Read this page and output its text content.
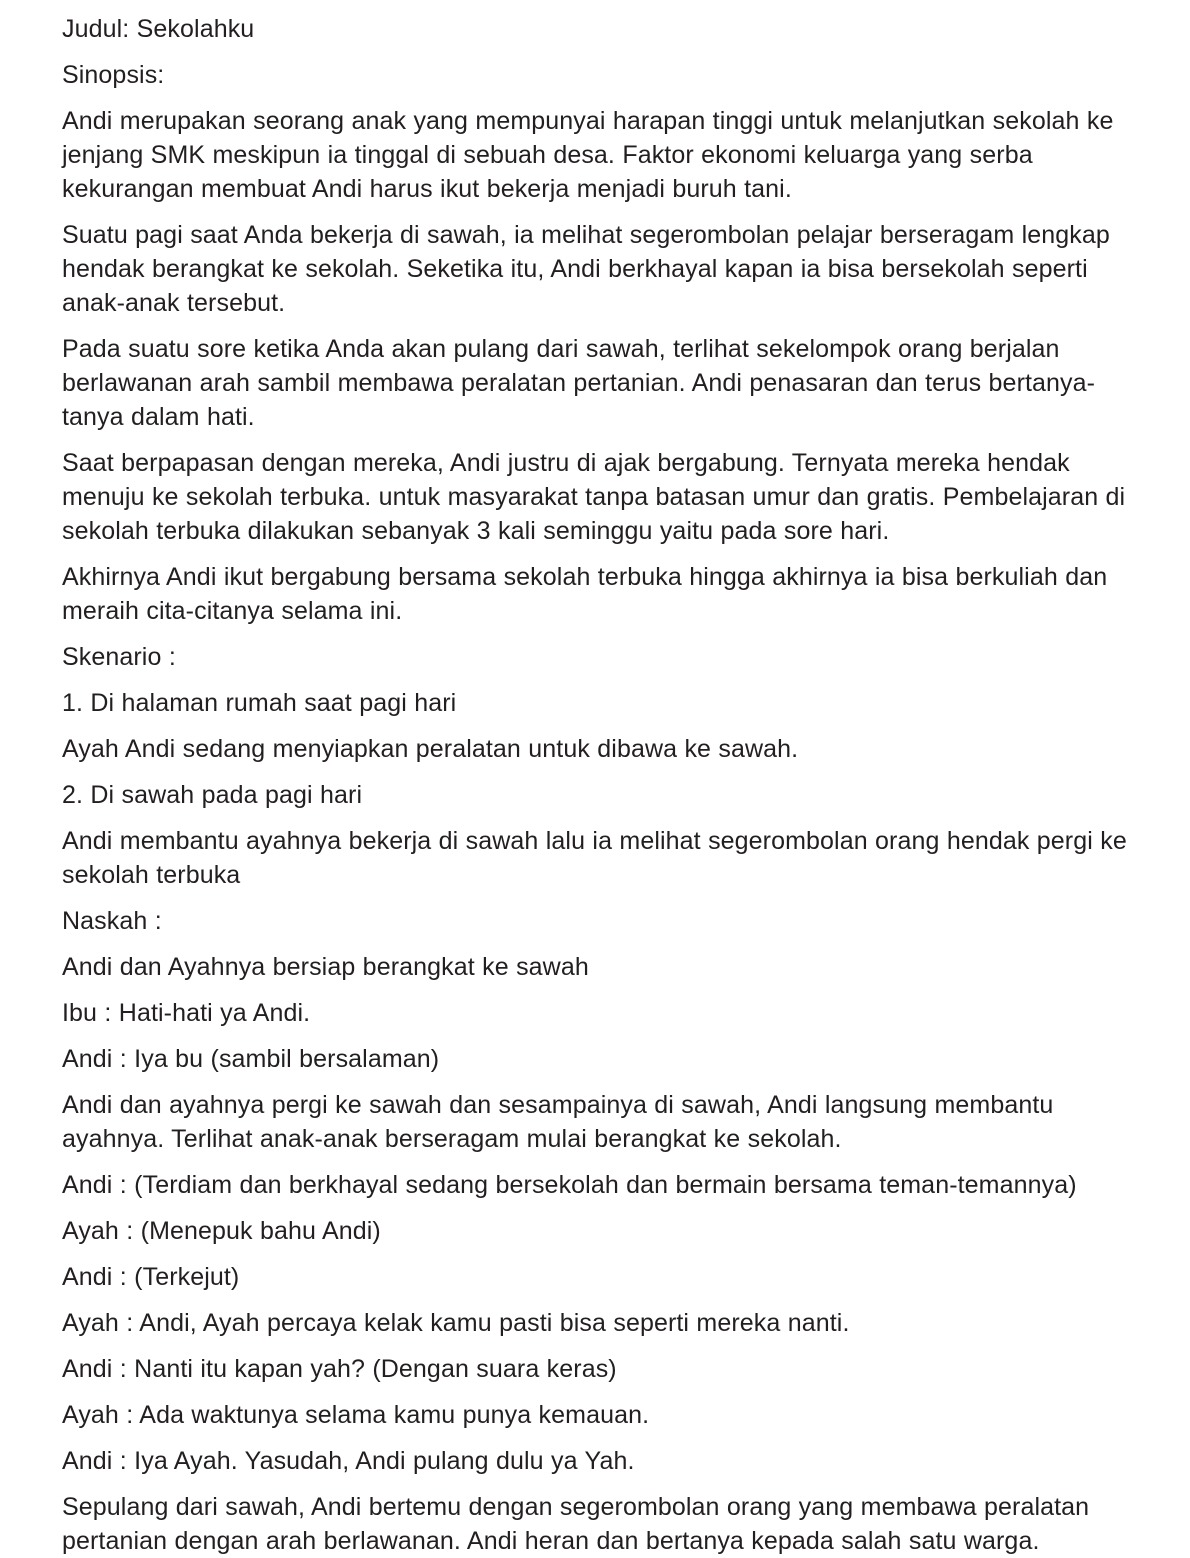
Judul: Sekolahku

Sinopsis:

Andi merupakan seorang anak yang mempunyai harapan tinggi untuk melanjutkan sekolah ke jenjang SMK meskipun ia tinggal di sebuah desa. Faktor ekonomi keluarga yang serba kekurangan membuat Andi harus ikut bekerja menjadi buruh tani.

Suatu pagi saat Anda bekerja di sawah, ia melihat segerombolan pelajar berseragam lengkap hendak berangkat ke sekolah. Seketika itu, Andi berkhayal kapan ia bisa bersekolah seperti anak-anak tersebut.

Pada suatu sore ketika Anda akan pulang dari sawah, terlihat sekelompok orang berjalan berlawanan arah sambil membawa peralatan pertanian. Andi penasaran dan terus bertanya-tanya dalam hati.

Saat berpapasan dengan mereka, Andi justru di ajak bergabung. Ternyata mereka hendak menuju ke sekolah terbuka. untuk masyarakat tanpa batasan umur dan gratis. Pembelajaran di sekolah terbuka dilakukan sebanyak 3 kali seminggu yaitu pada sore hari.

Akhirnya Andi ikut bergabung bersama sekolah terbuka hingga akhirnya ia bisa berkuliah dan meraih cita-citanya selama ini.

Skenario :

1. Di halaman rumah saat pagi hari

Ayah Andi sedang menyiapkan peralatan untuk dibawa ke sawah.

2. Di sawah pada pagi hari

Andi membantu ayahnya bekerja di sawah lalu ia melihat segerombolan orang hendak pergi ke sekolah terbuka

Naskah :

Andi dan Ayahnya bersiap berangkat ke sawah

Ibu : Hati-hati ya Andi.

Andi : Iya bu (sambil bersalaman)

Andi dan ayahnya pergi ke sawah dan sesampainya di sawah, Andi langsung membantu ayahnya. Terlihat anak-anak berseragam mulai berangkat ke sekolah.

Andi : (Terdiam dan berkhayal sedang bersekolah dan bermain bersama teman-temannya)

Ayah : (Menepuk bahu Andi)

Andi : (Terkejut)

Ayah : Andi, Ayah percaya kelak kamu pasti bisa seperti mereka nanti.

Andi : Nanti itu kapan yah? (Dengan suara keras)

Ayah : Ada waktunya selama kamu punya kemauan.

Andi : Iya Ayah. Yasudah, Andi pulang dulu ya Yah.

Sepulang dari sawah, Andi bertemu dengan segerombolan orang yang membawa peralatan pertanian dengan arah berlawanan. Andi heran dan bertanya kepada salah satu warga.
